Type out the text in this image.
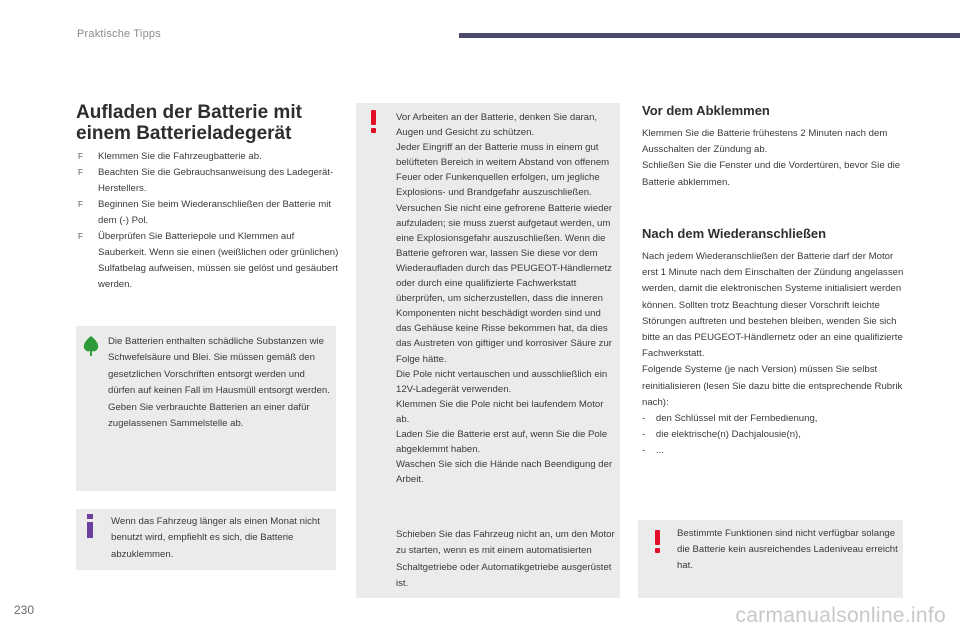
Praktische Tipps
Aufladen der Batterie mit einem Batterieladegerät
F Klemmen Sie die Fahrzeugbatterie ab.
F Beachten Sie die Gebrauchsanweisung des Ladegerät-Herstellers.
F Beginnen Sie beim Wiederanschließen der Batterie mit dem (-) Pol.
F Überprüfen Sie Batteriepole und Klemmen auf Sauberkeit. Wenn sie einen (weißlichen oder grünlichen) Sulfatbelag aufweisen, müssen sie gelöst und gesäubert werden.

Die Batterien enthalten schädliche Substanzen wie Schwefelsäure und Blei. Sie müssen gemäß den gesetzlichen Vorschriften entsorgt werden und dürfen auf keinen Fall im Hausmüll entsorgt werden.
Geben Sie verbrauchte Batterien an einer dafür zugelassenen Sammelstelle ab.

Wenn das Fahrzeug länger als einen Monat nicht benutzt wird, empfiehlt es sich, die Batterie abzuklemmen.

Vor Arbeiten an der Batterie, denken Sie daran, Augen und Gesicht zu schützen.
Jeder Eingriff an der Batterie muss in einem gut belüfteten Bereich in weitem Abstand von offenem Feuer oder Funkenquellen erfolgen, um jegliche Explosions- und Brandgefahr auszuschließen.
Versuchen Sie nicht eine gefrorene Batterie wieder aufzuladen; sie muss zuerst aufgetaut werden, um eine Explosionsgefahr auszuschließen. Wenn die Batterie gefroren war, lassen Sie diese vor dem Wiederaufladen durch das PEUGEOT-Händlernetz oder durch eine qualifizierte Fachwerkstatt überprüfen, um sicherzustellen, dass die inneren Komponenten nicht beschädigt worden sind und das Gehäuse keine Risse bekommen hat, da dies das Austreten von giftiger und korrosiver Säure zur Folge hätte.
Die Pole nicht vertauschen und ausschließlich ein 12V-Ladegerät verwenden.
Klemmen Sie die Pole nicht bei laufendem Motor ab.
Laden Sie die Batterie erst auf, wenn Sie die Pole abgeklemmt haben.
Waschen Sie sich die Hände nach Beendigung der Arbeit.

Schieben Sie das Fahrzeug nicht an, um den Motor zu starten, wenn es mit einem automatisierten Schaltgetriebe oder Automatikgetriebe ausgerüstet ist.

Vor dem Abklemmen

Klemmen Sie die Batterie frühestens 2 Minuten nach dem Ausschalten der Zündung ab.
Schließen Sie die Fenster und die Vordertüren, bevor Sie die Batterie abklemmen.

Nach dem Wiederanschließen

Nach jedem Wiederanschließen der Batterie darf der Motor erst 1 Minute nach dem Einschalten der Zündung angelassen werden, damit die elektronischen Systeme initialisiert werden können. Sollten trotz Beachtung dieser Vorschrift leichte Störungen auftreten und bestehen bleiben, wenden Sie sich bitte an das PEUGEOT-Händlernetz oder an eine qualifizierte Fachwerkstatt.
Folgende Systeme (je nach Version) müssen Sie selbst reinitialisieren (lesen Sie dazu bitte die entsprechende Rubrik nach):
-    den Schlüssel mit der Fernbedienung,
-    die elektrische(n) Dachjalousie(n),
-    ...

Bestimmte Funktionen sind nicht verfügbar solange die Batterie kein ausreichendes Ladeniveau erreicht hat.

230	carmanualsonline.info
